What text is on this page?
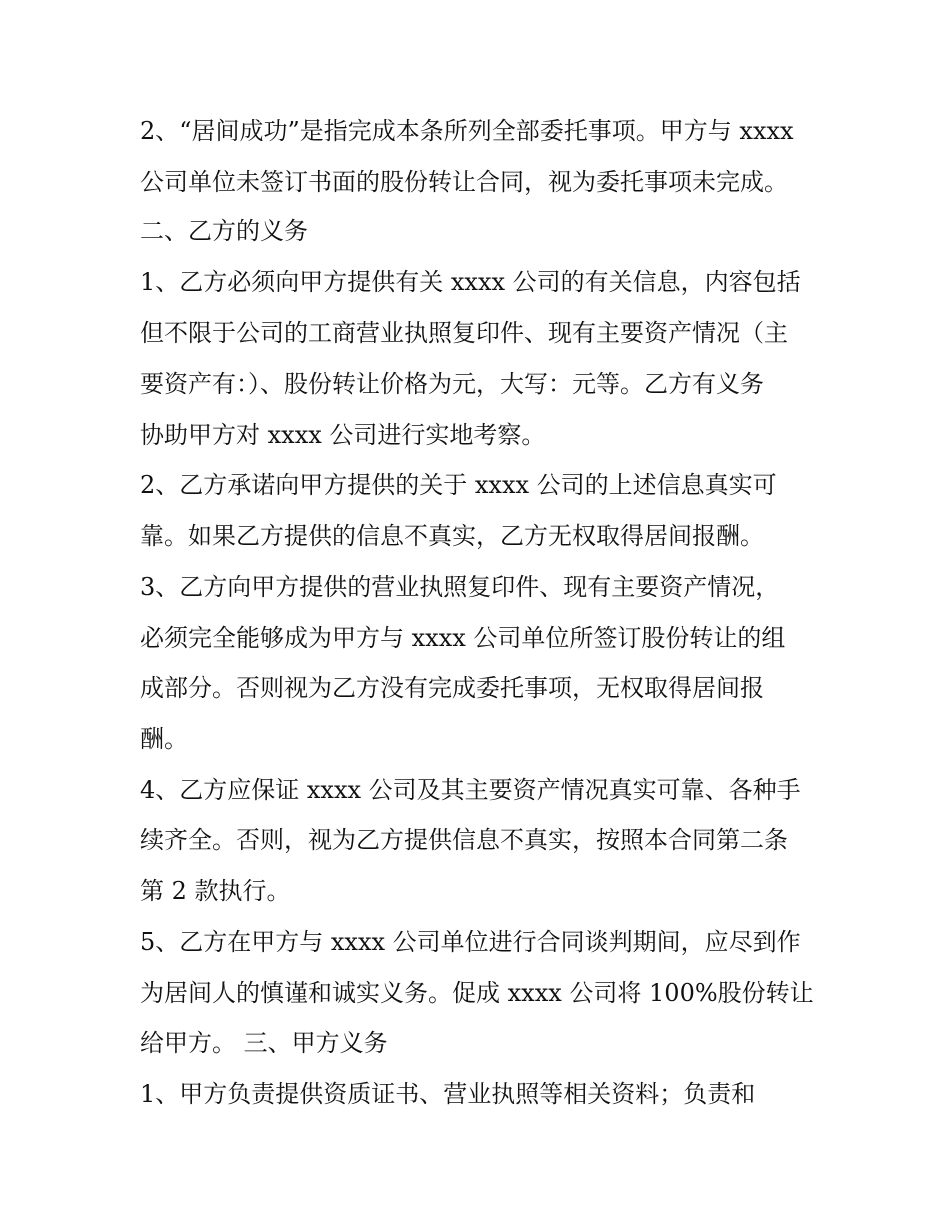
2、“居间成功”是指完成本条所列全部委托事项。甲方与 xxxx
公司单位未签订书面的股份转让合同，视为委托事项未完成。
二、乙方的义务
1、乙方必须向甲方提供有关 xxxx 公司的有关信息，内容包括
但不限于公司的工商营业执照复印件、现有主要资产情况（主
要资产有：）、股份转让价格为元，大写：元等。乙方有义务
协助甲方对 xxxx 公司进行实地考察。
2、乙方承诺向甲方提供的关于 xxxx 公司的上述信息真实可
靠。如果乙方提供的信息不真实，乙方无权取得居间报酬。
3、乙方向甲方提供的营业执照复印件、现有主要资产情况，
必须完全能够成为甲方与 xxxx 公司单位所签订股份转让的组
成部分。否则视为乙方没有完成委托事项，无权取得居间报
酬。
4、乙方应保证 xxxx 公司及其主要资产情况真实可靠、各种手
续齐全。否则，视为乙方提供信息不真实，按照本合同第二条
第 2 款执行。
5、乙方在甲方与 xxxx 公司单位进行合同谈判期间，应尽到作
为居间人的慎谨和诚实义务。促成 xxxx 公司将 100%股份转让
给甲方。 三、甲方义务
1、甲方负责提供资质证书、营业执照等相关资料；负责和
